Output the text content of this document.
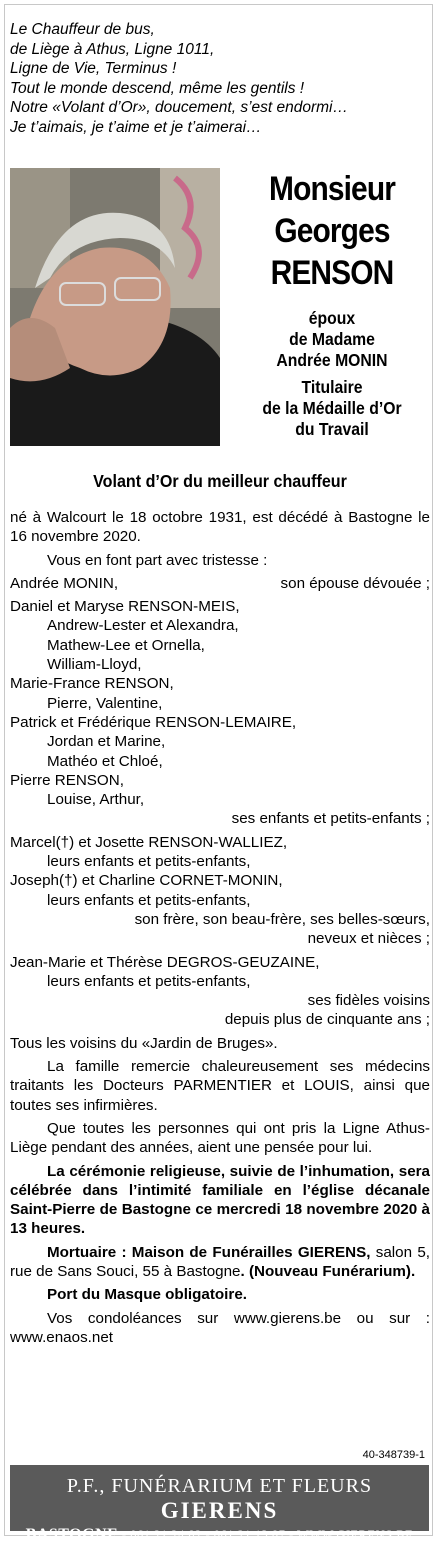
Le Chauffeur de bus,
de Liège à Athus, Ligne 1011,
Ligne de Vie, Terminus !
Tout le monde descend, même les gentils !
Notre «Volant d’Or», doucement, s’est endormi…
Je t’aimais, je t’aime et je t’aimerai…
Monsieur
Georges
RENSON
époux
de Madame
Andrée MONIN
Titulaire
de la Médaille d’Or
du Travail
Volant d’Or du meilleur chauffeur
né à Walcourt le 18 octobre 1931, est décédé à Bastogne le 16 novembre 2020.
Vous en font part avec tristesse :
Andrée MONIN,	son épouse dévouée ;
Daniel et Maryse RENSON-MEIS,
Andrew-Lester et Alexandra,
Mathew-Lee et Ornella,
William-Lloyd,
Marie-France RENSON,
Pierre, Valentine,
Patrick et Frédérique RENSON-LEMAIRE,
Jordan et Marine,
Mathéo et Chloé,
Pierre RENSON,
Louise, Arthur,
ses enfants et petits-enfants ;
Marcel(†) et Josette RENSON-WALLIEZ,
leurs enfants et petits-enfants,
Joseph(†) et Charline CORNET-MONIN,
leurs enfants et petits-enfants,
son frère, son beau-frère, ses belles-sœurs,
neveux et nièces ;
Jean-Marie et Thérèse DEGROS-GEUZAINE,
leurs enfants et petits-enfants,
ses fidèles voisins
depuis plus de cinquante ans ;
Tous les voisins du «Jardin de Bruges».
La famille remercie chaleureusement ses médecins traitants les Docteurs PARMENTIER et LOUIS, ainsi que toutes ses infirmières.
Que toutes les personnes qui ont pris la Ligne Athus-Liège pendant des années, aient une pensée pour lui.
La cérémonie religieuse, suivie de l’inhumation, sera célébrée dans l’intimité familiale en l’église décanale Saint-Pierre de Bastogne ce mercredi 18 novembre 2020 à 13 heures.
Mortuaire : Maison de Funérailles GIERENS, salon 5, rue de Sans Souci, 55 à Bastogne. (Nouveau Funérarium).
Port du Masque obligatoire.
Vos condoléances sur www.gierens.be ou sur : www.enaos.net
40-348739-1
P.F., FUNÉRARIUM ET FLEURS GIERENS
BASTOGNE - 061 21 24 82 - 061 21 13 87 - WWW.GIERENS.BE
